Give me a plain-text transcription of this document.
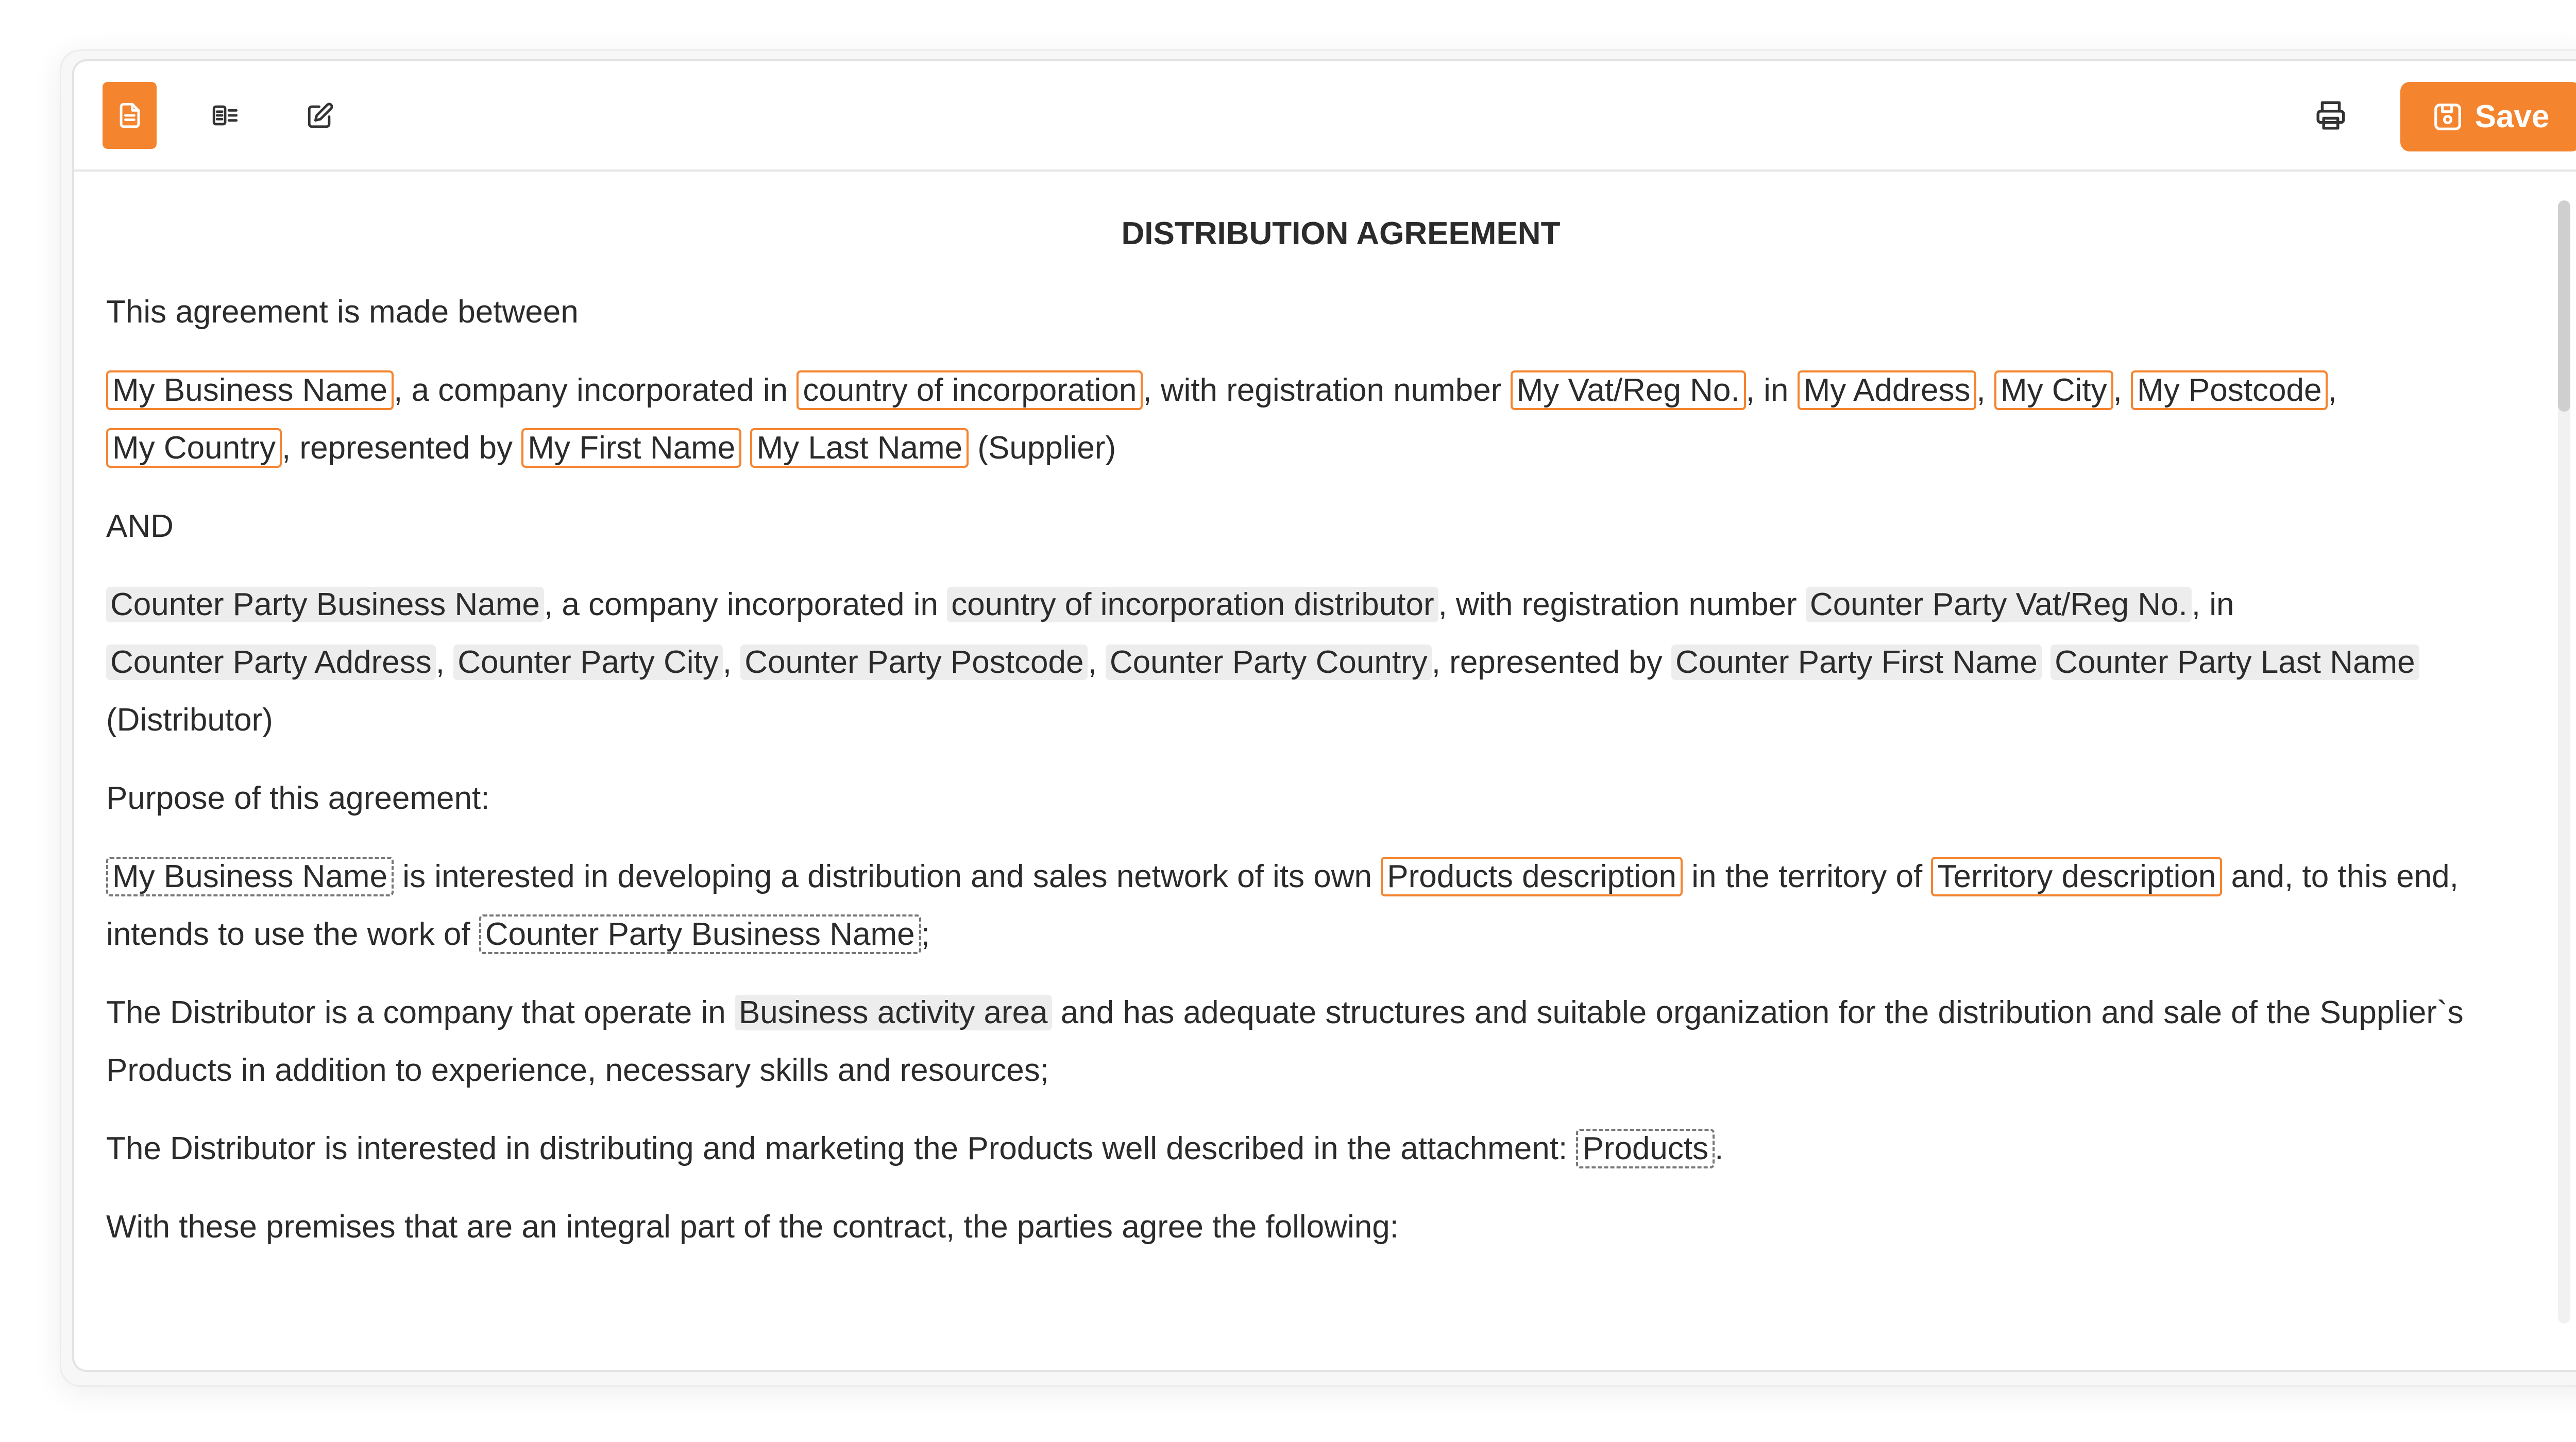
Save
DISTRIBUTION AGREEMENT

This agreement is made between

My Business Name , a company incorporated in country of incorporation , with registration number My Vat/Reg No. , in My Address , My City , My Postcode , My Country , represented by My First Name My Last Name (Supplier)

AND

Counter Party Business Name , a company incorporated in country of incorporation distributor , with registration number Counter Party Vat/Reg No. , in Counter Party Address , Counter Party City , Counter Party Postcode , Counter Party Country , represented by Counter Party First Name Counter Party Last Name (Distributor)

Purpose of this agreement:

My Business Name is interested in developing a distribution and sales network of its own Products description in the territory of Territory description and, to this end, intends to use the work of Counter Party Business Name ;

The Distributor is a company that operate in Business activity area and has adequate structures and suitable organization for the distribution and sale of the Supplier`s Products in addition to experience, necessary skills and resources;

The Distributor is interested in distributing and marketing the Products well described in the attachment: Products .

With these premises that are an integral part of the contract, the parties agree the following:
